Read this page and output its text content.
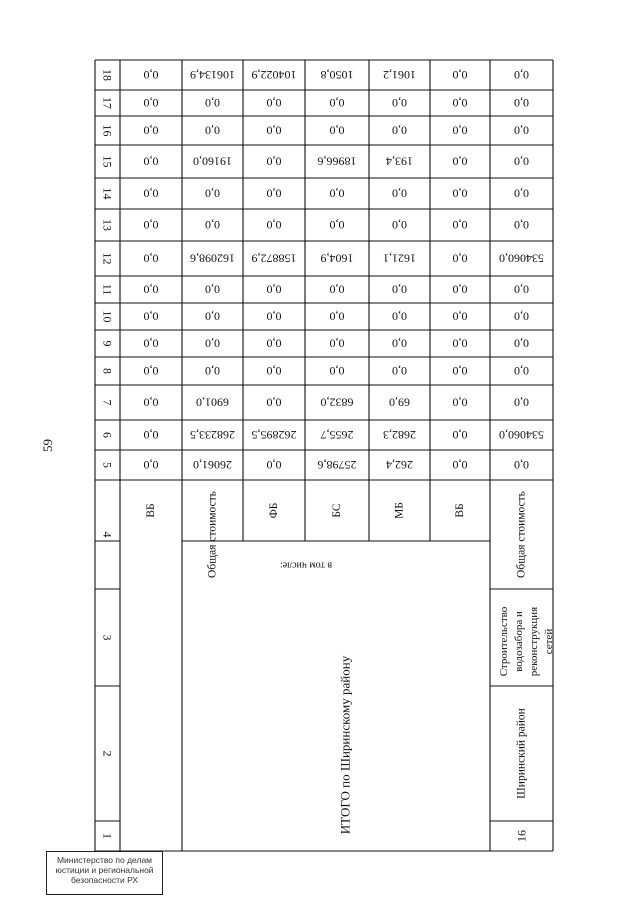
59
1
2
3
4
5
6
7
8
9
10
11
12
13
14
15
16
17
18
0,0
0,0
0,0
0,0
0,0
0,0
0,0
0,0
0,0
0,0
0,0
0,0
0,0
0,0
ВБ
26061,0
268233,5
6901,0
0,0
0,0
0,0
0,0
162098,6
0,0
0,0
19160,0
0,0
0,0
106134,9
Общая стоимость
0,0
262895,5
0,0
0,0
0,0
0,0
0,0
158872,9
0,0
0,0
0,0
0,0
0,0
104022,9
ФБ
25798,6
2655,7
6832,0
0,0
0,0
0,0
0,0
1604,9
0,0
0,0
18966,6
0,0
0,0
1050,8
БС
262,4
2682,3
69,0
0,0
0,0
0,0
0,0
1621,1
0,0
0,0
193,4
0,0
0,0
1061,2
МБ
0,0
0,0
0,0
0,0
0,0
0,0
0,0
0,0
0,0
0,0
0,0
0,0
0,0
0,0
ВБ
0,0
534060,0
0,0
0,0
0,0
0,0
0,0
534060,0
0,0
0,0
0,0
0,0
0,0
0,0
Общая стоимость
в том числе:
ИТОГО по Ширинскому району
16
Ширинский район
Строительство водозабора и реконструкция сетей
Министерство по делам
юстиции и региональной
безопасности РХ
